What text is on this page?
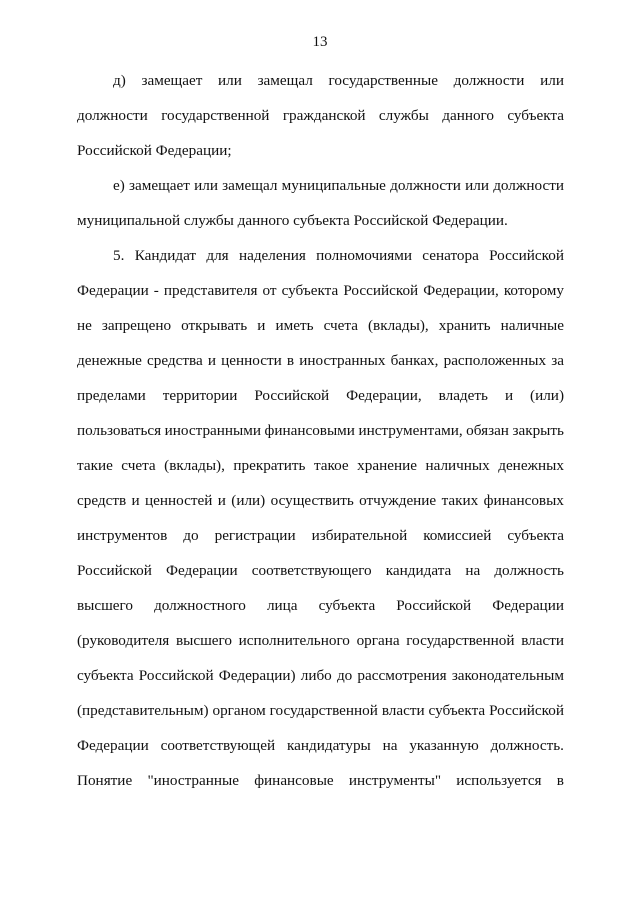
13
д) замещает или замещал государственные должности или
должности государственной гражданской службы данного субъекта
Российской Федерации;
е) замещает или замещал муниципальные должности или должности
муниципальной службы данного субъекта Российской Федерации.
5. Кандидат для наделения полномочиями сенатора Российской
Федерации - представителя от субъекта Российской Федерации, которому
не запрещено открывать и иметь счета (вклады), хранить наличные
денежные средства и ценности в иностранных банках, расположенных за
пределами территории Российской Федерации, владеть и (или)
пользоваться иностранными финансовыми инструментами, обязан закрыть
такие счета (вклады), прекратить такое хранение наличных денежных
средств и ценностей и (или) осуществить отчуждение таких финансовых
инструментов до регистрации избирательной комиссией субъекта
Российской Федерации соответствующего кандидата на должность
высшего должностного лица субъекта Российской Федерации
(руководителя высшего исполнительного органа государственной власти
субъекта Российской Федерации) либо до рассмотрения законодательным
(представительным) органом государственной власти субъекта Российской
Федерации соответствующей кандидатуры на указанную должность.
Понятие "иностранные финансовые инструменты" используется в
